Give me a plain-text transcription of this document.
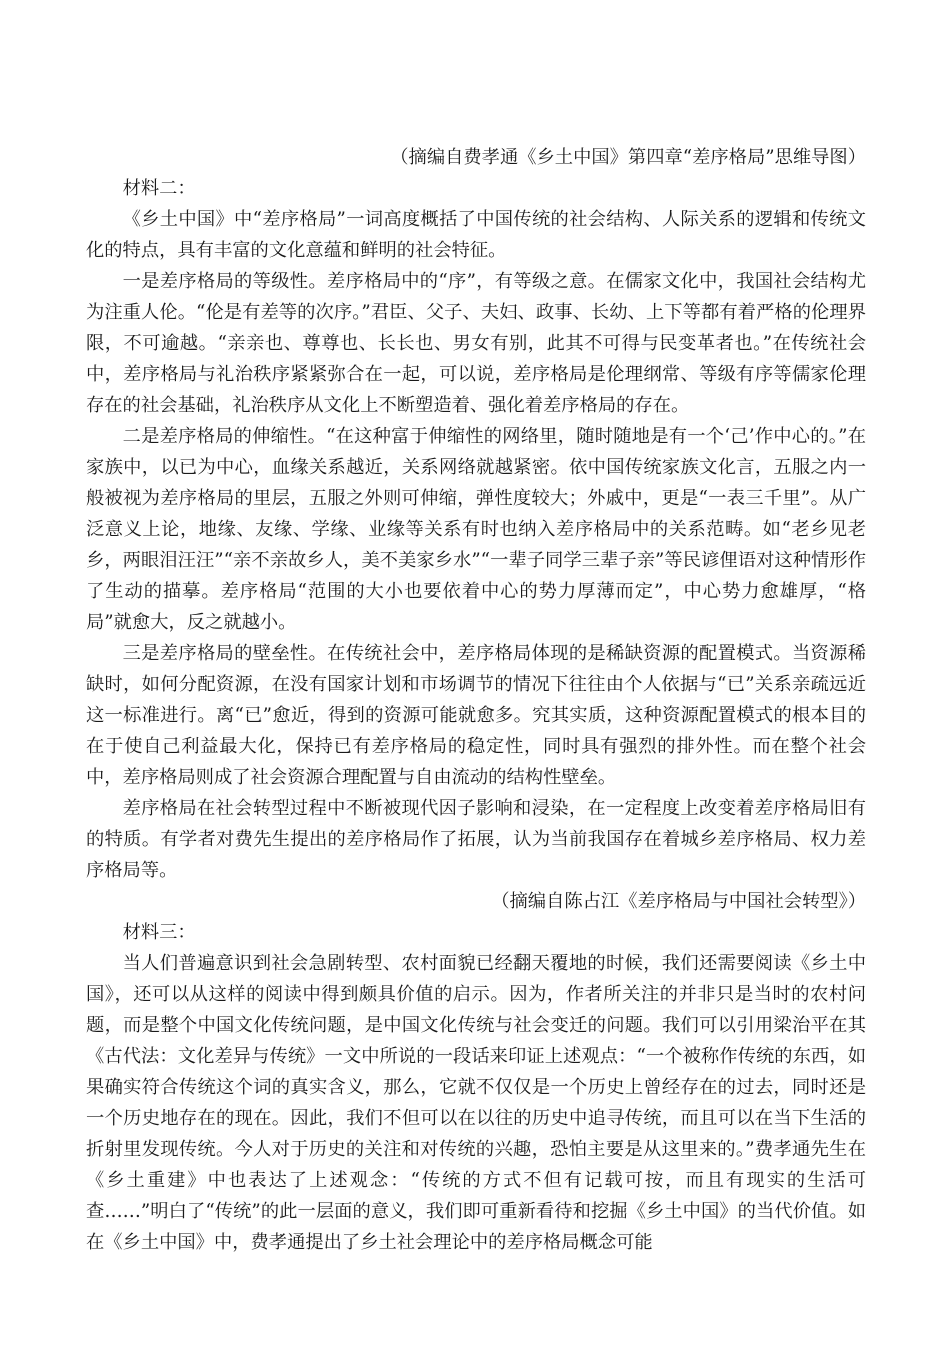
（摘编自费孝通《乡土中国》第四章“差序格局”思维导图）

材料二：

《乡土中国》中“差序格局”一词高度概括了中国传统的社会结构、人际关系的逻辑和传统文化的特点，具有丰富的文化意蕴和鲜明的社会特征。

一是差序格局的等级性。差序格局中的“序”，有等级之意。在儒家文化中，我国社会结构尤为注重人伦。“伦是有差等的次序。”君臣、父子、夫妇、政事、长幼、上下等都有着严格的伦理界限，不可逾越。“亲亲也、尊尊也、长长也、男女有别，此其不可得与民变革者也。”在传统社会中，差序格局与礼治秩序紧紧弥合在一起，可以说，差序格局是伦理纲常、等级有序等儒家伦理存在的社会基础，礼治秩序从文化上不断塑造着、强化着差序格局的存在。

二是差序格局的伸缩性。“在这种富于伸缩性的网络里，随时随地是有一个‘己’作中心的。”在家族中，以已为中心，血缘关系越近，关系网络就越紧密。依中国传统家族文化言，五服之内一般被视为差序格局的里层，五服之外则可伸缩，弹性度较大；外戚中，更是“一表三千里”。从广泛意义上论，地缘、友缘、学缘、业缘等关系有时也纳入差序格局中的关系范畴。如“老乡见老乡，两眼泪汪汪”“亲不亲故乡人，美不美家乡水”“一辈子同学三辈子亲”等民谚俚语对这种情形作了生动的描摹。差序格局“范围的大小也要依着中心的势力厚薄而定”，中心势力愈雄厚，“格局”就愈大，反之就越小。

三是差序格局的壁垒性。在传统社会中，差序格局体现的是稀缺资源的配置模式。当资源稀缺时，如何分配资源，在没有国家计划和市场调节的情况下往往由个人依据与“已”关系亲疏远近这一标准进行。离“已”愈近，得到的资源可能就愈多。究其实质，这种资源配置模式的根本目的在于使自己利益最大化，保持已有差序格局的稳定性，同时具有强烈的排外性。而在整个社会中，差序格局则成了社会资源合理配置与自由流动的结构性壁垒。

差序格局在社会转型过程中不断被现代因子影响和浸染，在一定程度上改变着差序格局旧有的特质。有学者对费先生提出的差序格局作了拓展，认为当前我国存在着城乡差序格局、权力差序格局等。

（摘编自陈占江《差序格局与中国社会转型》）

材料三：

当人们普遍意识到社会急剧转型、农村面貌已经翻天覆地的时候，我们还需要阅读《乡土中国》，还可以从这样的阅读中得到颇具价值的启示。因为，作者所关注的并非只是当时的农村问题，而是整个中国文化传统问题，是中国文化传统与社会变迁的问题。我们可以引用梁治平在其《古代法：文化差异与传统》一文中所说的一段话来印证上述观点：“一个被称作传统的东西，如果确实符合传统这个词的真实含义，那么，它就不仅仅是一个历史上曾经存在的过去，同时还是一个历史地存在的现在。因此，我们不但可以在以往的历史中追寻传统，而且可以在当下生活的折射里发现传统。今人对于历史的关注和对传统的兴趣，恐怕主要是从这里来的。”费孝通先生在《乡土重建》中也表达了上述观念：“传统的方式不但有记载可按，而且有现实的生活可查……”明白了“传统”的此一层面的意义，我们即可重新看待和挖掘《乡土中国》的当代价值。如在《乡土中国》中，费孝通提出了乡土社会理论中的差序格局概念可能
